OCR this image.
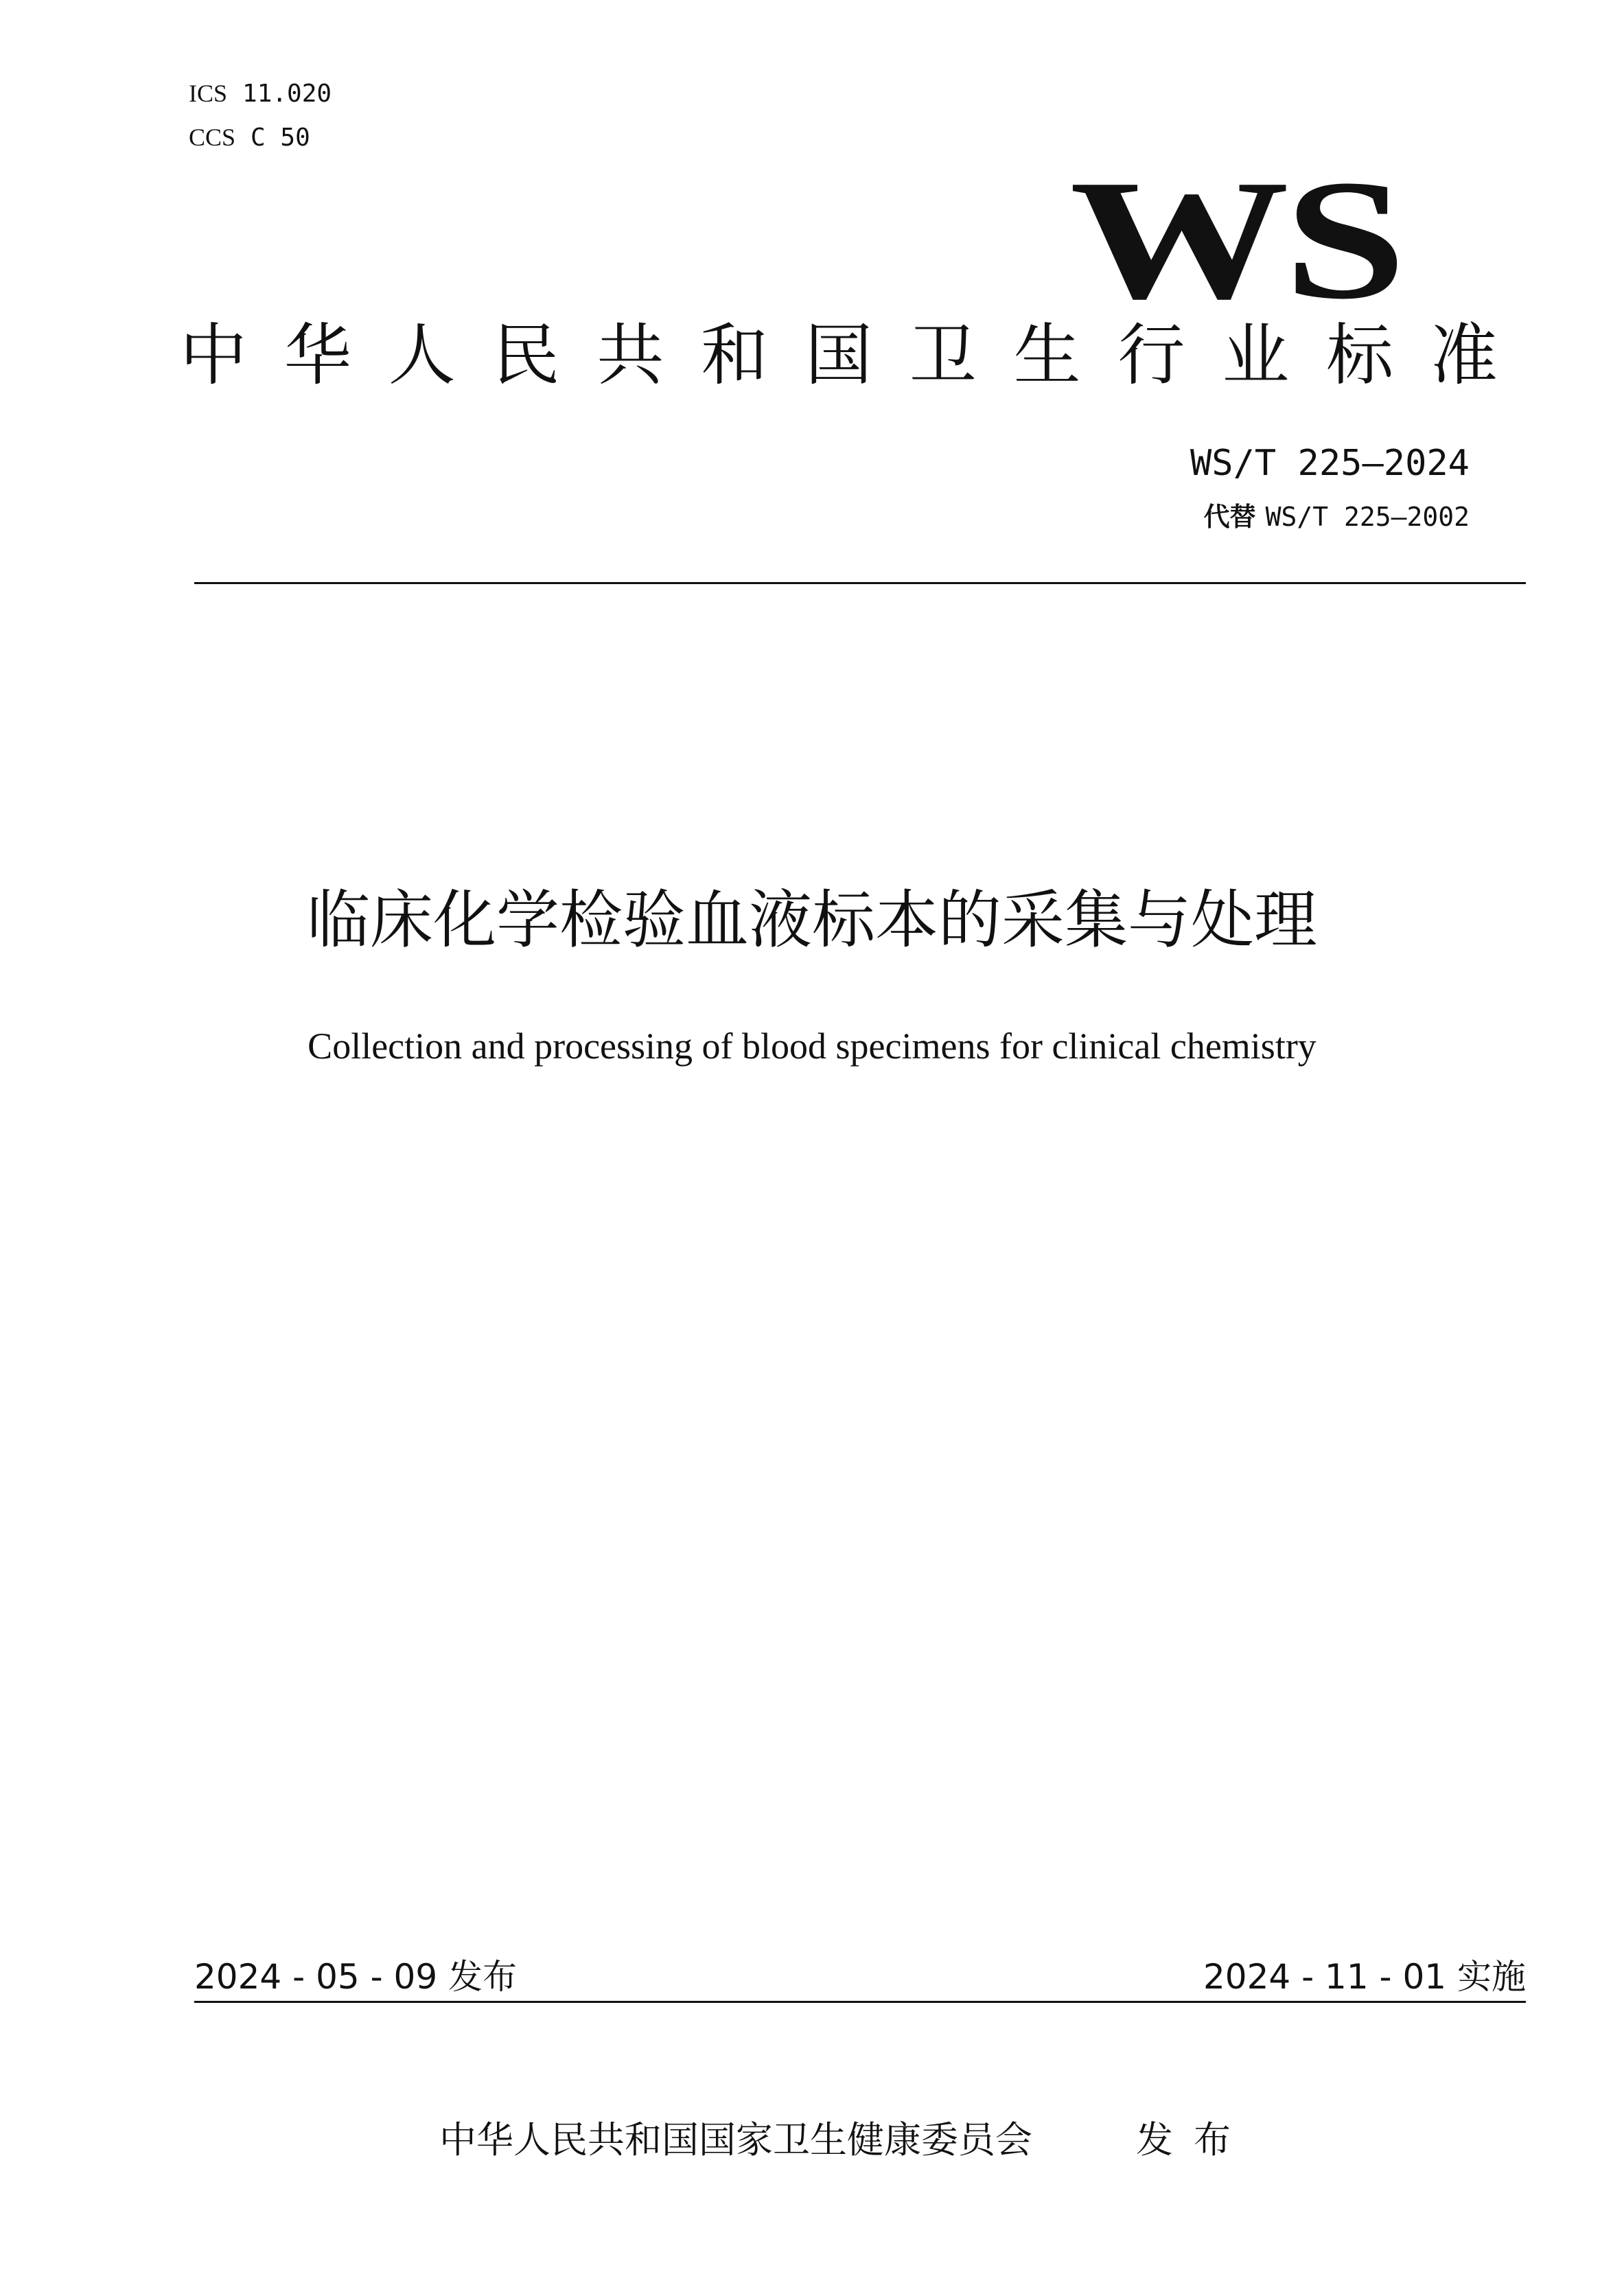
ICS 11.020
CCS C 50
WS
中 华 人 民 共 和 国 卫 生 行 业 标 准
WS/T 225—2024
代替 WS/T 225—2002
临床化学检验血液标本的采集与处理
Collection and processing of blood specimens for clinical chemistry
2024 - 05 - 09 发布	2024 - 11 - 01 实施
中华人民共和国国家卫生健康委员会	发布
